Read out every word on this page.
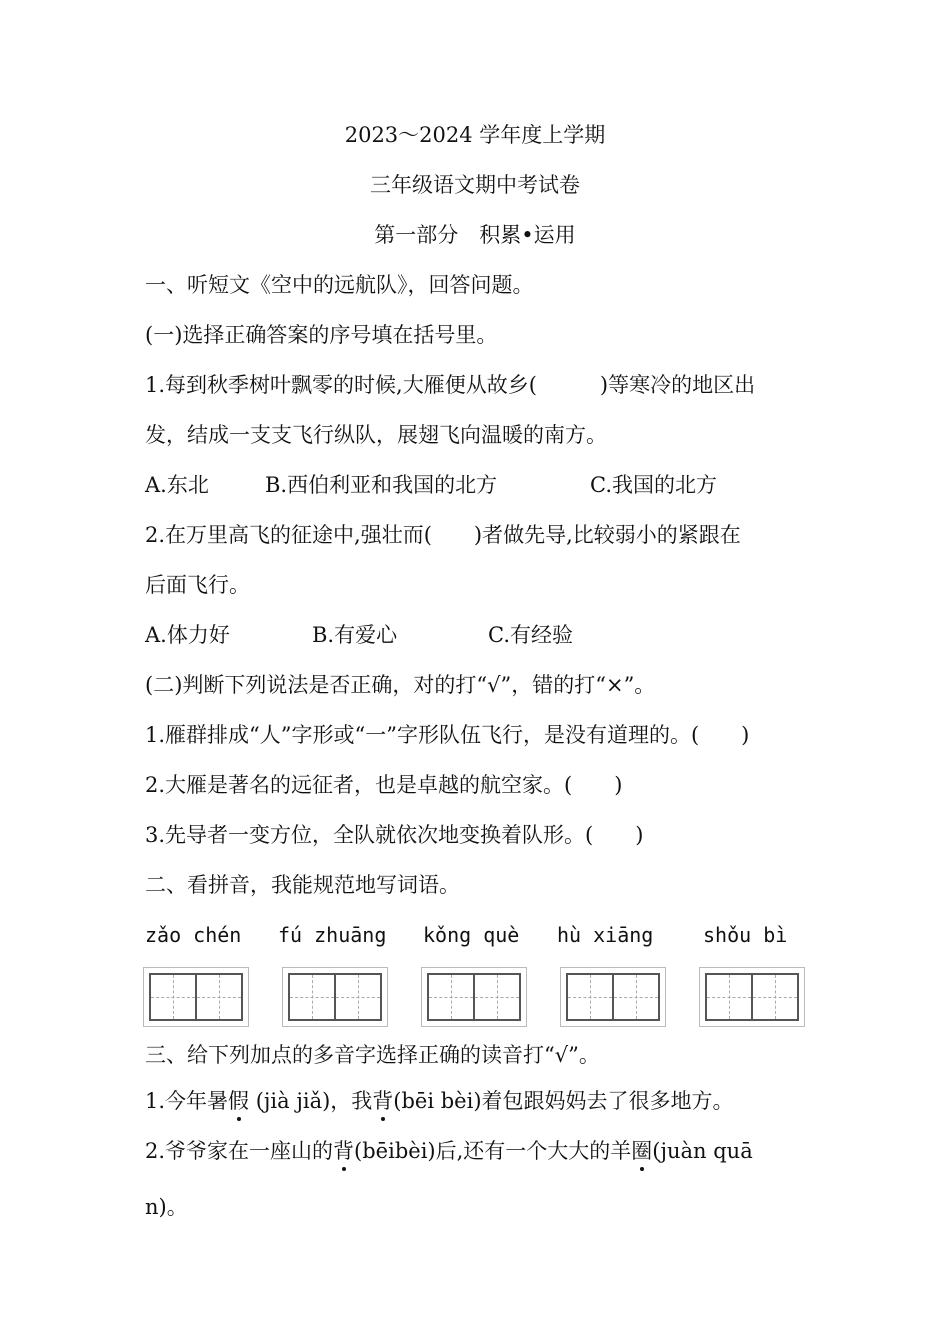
2023～2024 学年度上学期
三年级语文期中考试卷
第一部分　积累•运用
一、听短文《空中的远航队》，回答问题。
(一)选择正确答案的序号填在括号里。
1.每到秋季树叶飘零的时候,大雁便从故乡(　　　)等寒冷的地区出
发，结成一支支飞行纵队，展翅飞向温暖的南方。
A.东北	B.西伯利亚和我国的北方	C.我国的北方
2.在万里高飞的征途中,强壮而(　　)者做先导,比较弱小的紧跟在
后面飞行。
A.体力好	B.有爱心	C.有经验
(二)判断下列说法是否正确，对的打“√”，错的打“×”。
1.雁群排成“人”字形或“一”字形队伍飞行，是没有道理的。(　　)
2.大雁是著名的远征者，也是卓越的航空家。(　　)
3.先导者一变方位，全队就依次地变换着队形。(　　)
二、看拼音，我能规范地写词语。
zǎo chén fú zhuāng kǒng què hù xiāng shǒu bì
三、给下列加点的多音字选择正确的读音打“√”。
1.今年暑假 (jià jiǎ)，我背(bēi bèi)着包跟妈妈去了很多地方。
2.爷爷家在一座山的背(bēibèi)后,还有一个大大的羊圈(juàn quā
n)。
